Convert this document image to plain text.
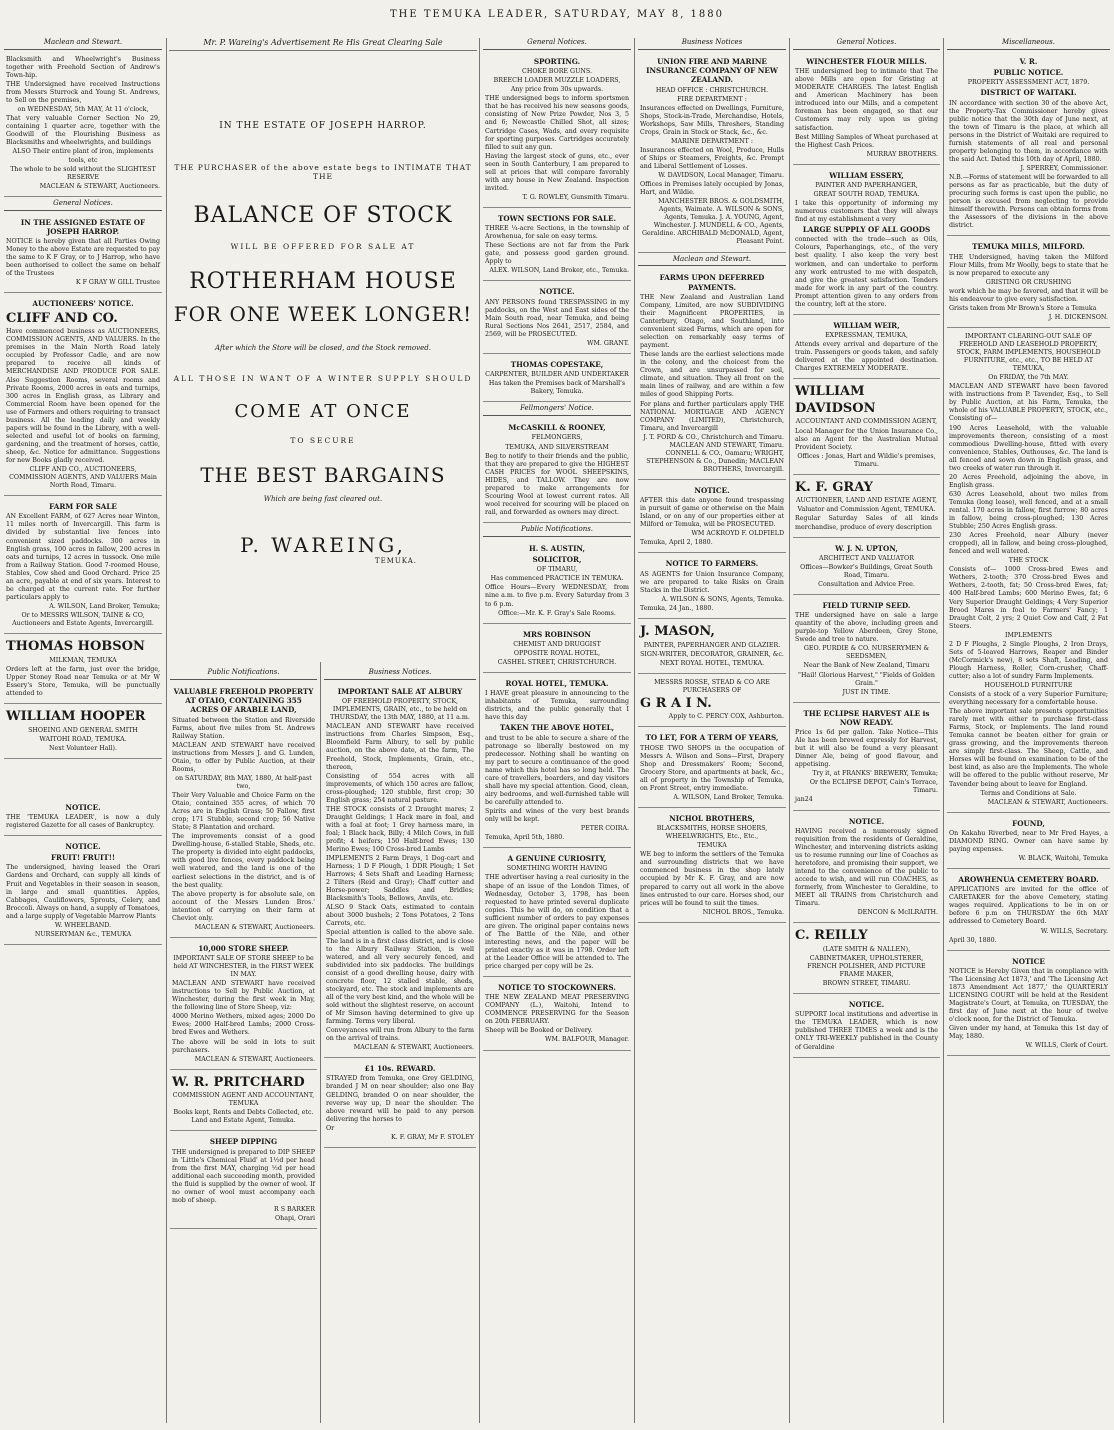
THE TEMUKA LEADER, SATURDAY, MAY 8, 1880
Maclean and Stewart.

Blacksmith and Wheelwright's Business together with Freehold Section of Andrew's Town-hip.

THE Undersigned have received Instructions from Messrs Sturrock and Young St. Andrews, to Sell on the premises,

on WEDNESDAY, 5th MAY, At 11 o'clock,

That very valuable Corner Section No 29, containing 1 quarter acre, together with the Goodwill of the Flourishing Business as Blacksmiths and wheelwrights, and buildings

ALSO Their entire plant of iron, implements tools, etc

The whole to be sold without the SLIGHTEST RESERVE

MACLEAN & STEWART, Auctioneers.

General Notices.

IN THE ASSIGNED ESTATE OF JOSEPH HARROP.

NOTICE is hereby given that all Parties Owing Money to the above Estate are requested to pay the same to K F Gray, or to J Harrop, who have been authorised to collect the same on behalf of the Trustees

K F GRAY W GILL Trustee

AUCTIONEERS' NOTICE.

CLIFF AND CO.

Have commenced business as AUCTIONEERS, COMMISSION AGENTS, AND VALUERS. In the premises in the Main North Road lately occupied by Professor Cadle, and are now prepared to receive all kinds of MERCHANDISE AND PRODUCE FOR SALE. Also Suggestion Rooms, several rooms and Private Rooms, 2000 acres in oats and turnips, 300 acres in English grass, as Library and Commercial Room have been opened for the use of Farmers and others requiring to transact business. All the leading daily and weekly papers will be found in the Library, with a well-selected and useful lot of books on farming, gardening, and the treatment of horses, cattle, sheep, &c. Notice for admittance. Suggestions for new Books gladly received.

CLIFF AND CO., AUCTIONEERS, COMMISSION AGENTS, AND VALUERS Main North Road, Timaru.

FARM FOR SALE

AN Excellent FARM, of 627 Acres near Winton, 11 miles north of Invercargill. This farm is divided by substantial live fences into convenient sized paddocks. 300 acres in English grass, 100 acres in fallow, 200 acres in oats and turnips, 12 acres in tussock. One mile from a Railway Station. Good 7-roomed House, Stables, Cow shed and Good Orchard. Price 25 an acre, payable at end of six years. Interest to be charged at the current rate. For further particulars apply to

A. WILSON, Land Broker, Temuka;

Or to MESSRS WILSON, TAINE & CO, Auctioneers and Estate Agents, Invercargill.

THOMAS HOBSON

MILKMAN, TEMUKA

Orders left at the farm, just over the bridge, Upper Stoney Road near Temuka or at Mr W Essery's Store, Temuka, will be punctually attended to

WILLIAM HOOPER

SHOEING AND GENERAL SMITH

WAITOHI ROAD, TEMUKA.

Next Volunteer Hall).

NOTICE.

THE 'TEMUKA LEADER', is now a duly registered Gazette for all cases of Bankruptcy.

NOTICE.

FRUIT! FRUIT!!

The undersigned, having leased the Orari Gardens and Orchard, can supply all kinds of Fruit and Vegetables in their season in season, in large and small quantities. Apples, Cabbages, Cauliflowers, Sprouts, Celery, and Broccoli. Always on hand, a supply of Tomatoes, and a large supply of Vegetable Marrow Plants

W. WHEELBAND.

NURSERYMAN &c., TEMUKA

Mr. P. Wareing's Advertisement Re His Great Clearing Sale
IN THE ESTATE OF JOSEPH HARROP.
THE PURCHASER of the above estate begs to INTIMATE THAT THE
BALANCE OF STOCK
WILL BE OFFERED FOR SALE AT
ROTHERHAM HOUSE
FOR ONE WEEK LONGER!
After which the Store will be closed, and the Stock removed.
ALL THOSE IN WANT OF A WINTER SUPPLY SHOULD
COME AT ONCE
TO SECURE
THE BEST BARGAINS
Which are being fast cleared out.
P. WAREING,
TEMUKA.
Public Notifications.

VALUABLE FREEHOLD PROPERTY AT OTAIO, CONTAINING 355 ACRES OF ARABLE LAND,

Situated between the Station and Riverside Farms, about five miles from St. Andrews Railway Station.

MACLEAN AND STEWART have received instructions from Messrs J. and G. Lunden, Otaio, to offer by Public Auction, at their Rooms,

on SATURDAY, 8th MAY, 1880, At half-past two,

Their Very Valuable and Choice Farm on the Otaio, contained 355 acres, of which 70 Acres are in English Grass; 50 Fallow, first crop; 171 Stubble, second crop; 56 Native State; 8 Plantation and orchard.

The improvements consist of a good Dwelling-house, 6-stalled Stable, Sheds, etc. The property is divided into eight paddocks, with good live fences, every paddock being well watered, and the land is one of the earliest selections in the district, and is of the best quality.

The above property is for absolute sale, on account of the Messrs Lunden Bros.' intention of carrying on their farm at Cheviot only.

MACLEAN & STEWART, Auctioneers.

10,000 STORE SHEEP.

IMPORTANT SALE OF STORE SHEEP to be held AT WINCHESTER, in the FIRST WEEK IN MAY.

MACLEAN AND STEWART have received instructions to Sell by Public Auction, at Winchester, during the first week in May, the following line of Store Sheep, viz:

4000 Merino Wethers, mixed ages; 2000 Do Ewes; 2000 Half-bred Lambs; 2000 Cross-bred Ewes and Wethers.

The above will be sold in lots to suit purchasers.

MACLEAN & STEWART, Auctioneers.

W. R. PRITCHARD

COMMISSION AGENT AND ACCOUNTANT, TEMUKA

Books kept, Rents and Debts Collected, etc. Land and Estate Agent, Temuka.

SHEEP DIPPING

THE undersigned is prepared to DIP SHEEP in 'Little's Chemical Fluid' at 1½d per head from the first MAY, charging ½d per head additional each succeeding month, provided the fluid is supplied by the owner of wool. If no owner of wool must accompany each mob of sheep.

R S BARKER

Ohapi, Orari

Business Notices.

IMPORTANT SALE AT ALBURY

OF FREEHOLD PROPERTY, STOCK, IMPLEMENTS, GRAIN, etc., to be held on THURSDAY, the 13th MAY, 1880, at 11 a.m.

MACLEAN AND STEWART have received instructions from Charles Simpson, Esq., Bloomfield Farm Albury, to sell by public auction, on the above date, at the farm, The Freehold, Stock, Implements, Grain, etc., thereon,

Consisting of 554 acres with all improvements, of which 150 acres are fallow, cross-ploughed; 120 stubble, first crop; 30 English grass; 254 natural pasture.

THE STOCK consists of 2 Draught mares; 2 Draught Geldings; 1 Hack mare in foal, and with a foal at foot; 1 Grey harness mare, in foal; 1 Black hack, Billy; 4 Milch Cows, in full profit; 4 heifers; 150 Half-bred Ewes; 130 Merino Ewes; 100 Cross-bred Lambs

IMPLEMENTS 2 Farm Drays, 1 Dog-cart and Harness; 1 D F Plough, 1 DDR Plough; 1 Set Harrows; 4 Sets Shaft and Leading Harness; 2 Tilters (Reid and Gray); Chaff cutter and Horse-power; Saddles and Bridles; Blacksmith's Tools, Bellows, Anvils, etc.

ALSO 9 Stack Oats, estimated to contain about 3000 bushels; 2 Tons Potatoes, 2 Tons Carrots, etc.

Special attention is called to the above sale. The land is in a first class district, and is close to the Albury Railway Station, is well watered, and all very securely fenced, and subdivided into six paddocks. The buildings consist of a good dwelling house, dairy with concrete floor, 12 stalled stable, sheds, stockyard, etc. The stock and implements are all of the very best kind, and the whole will be sold without the slightest reserve, on account of Mr Simson having determined to give up farming. Terms very liberal.

Conveyances will run from Albury to the farm on the arrival of trains.

MACLEAN & STEWART, Auctioneers.

£1 10s. REWARD.

STRAYED from Temuka, one Grey GELDING, branded J M on near shoulder; also one Bay GELDING, branded O on near shoulder, the reverse way up, D near the shoulder. The above reward will be paid to any person delivering the horses to

Or

K. F. GRAY, Mr F. STOLEY

General Notices.

SPORTING.

CHOKE BORE GUNS.

BREECH LOADER MUZZLE LOADERS,

Any price from 30s upwards.

THE undersigned begs to inform sportsmen that he has received his new seasons goods, consisting of New Prize Powder, Nos 3, 5 and 6; Newcastle Chilled Shot, all sizes; Cartridge Cases, Wads, and every requisite for sporting purposes. Cartridges accurately filled to suit any gun.

Having the largest stock of guns, etc., ever seen in South Canterbury, I am prepared to sell at prices that will compare favorably with any house in New Zealand. Inspection invited.

T. G. ROWLEY, Gunsmith Timaru.

TOWN SECTIONS FOR SALE.

THREE ¼-acre Sections, in the township of Arowhenua, for sale on easy terms.

These Sections are not far from the Park gate, and possess good garden ground. Apply to

ALEX. WILSON, Land Broker, etc., Temuka.

NOTICE.

ANY PERSONS found TRESPASSING in my paddocks, on the West and East sides of the Main South road, near Temuka, and being Rural Sections Nos 2641, 2517, 2584, and 2569, will be PROSECUTED.

WM. GRANT.

THOMAS COPESTAKE,

CARPENTER, BUILDER AND UNDERTAKER

Has taken the Premises back of Marshall's Bakery, Temuka.

Fellmongers' Notice.

McCASKILL & ROONEY,

FELMONGERS,

TEMUKA, AND SILVERSTREAM

Beg to notify to their friends and the public, that they are prepared to give the HIGHEST CASH PRICES for WOOL SHEEPSKINS, HIDES, and TALLOW. They are now prepared to make arrangements for Scouring Wool at lowest current rates. All wool received for scouring will be placed on rail, and forwarded as owners may direct.

Public Notifications.

H. S. AUSTIN,

SOLICITOR,

OF TIMARU,

Has commenced PRACTICE IN TEMUKA.

Office Hours—Every WEDNESDAY, from nine a.m. to five p.m. Every Saturday from 3 to 6 p.m.

Office:—Mr. K. F. Gray's Sale Rooms.

MRS ROBINSON

CHEMIST AND DRUGGIST

OPPOSITE ROYAL HOTEL,

CASHEL STREET, CHRISTCHURCH.

ROYAL HOTEL, TEMUKA.

I HAVE great pleasure in announcing to the inhabitants of Temuka, surrounding districts, and the public generally that I have this day

TAKEN THE ABOVE HOTEL,

and trust to be able to secure a share of the patronage so liberally bestowed on my predecessor. Nothing shall be wanting on my part to secure a continuance of the good name which this hotel has so long held. The care of travellers, boarders, and day visitors shall have my special attention. Good, clean, airy bedrooms, and well-furnished table will be carefully attended to.

Spirits and wines of the very best brands only will be kept.

PETER COIRA.

Temuka, April 5th, 1880.

A GENUINE CURIOSITY,

SOMETHING WORTH HAVING

THE advertiser having a real curiosity in the shape of an issue of the London Times, of Wednesday, October 3, 1798, has been requested to have printed several duplicate copies. This he will do, on condition that a sufficient number of orders to pay expenses are given. The original paper contains news of The Battle of the Nile, and other interesting news, and the paper will be printed exactly as it was in 1798. Order left at the Leader Office will be attended to. The price charged per copy will be 2s.

NOTICE TO STOCKOWNERS.

THE NEW ZEALAND MEAT PRESERVING COMPANY (L.), Waitohi, Intend to COMMENCE PRESERVING for the Season on 20th FEBRUARY.

Sheep will be Booked or Delivery.

WM. BALFOUR, Manager.

Business Notices

UNION FIRE AND MARINE INSURANCE COMPANY OF NEW ZEALAND.

HEAD OFFICE : CHRISTCHURCH.

FIRE DEPARTMENT :

Insurances effected on Dwellings, Furniture, Shops, Stock-in-Trade, Merchandise, Hotels, Workshops, Saw Mills, Threshers, Standing Crops, Grain in Stock or Stack, &c., &c.

MARINE DEPARTMENT :

Insurances effected on Wool, Produce, Hulls of Ships or Steamers, Freights, &c. Prompt and Liberal Settlement of Losses.

W. DAVIDSON, Local Manager, Timaru.

Offices in Premises lately occupied by Jonas, Hart, and Wildie.

MANCHESTER BROS. & GOLDSMITH, Agents, Waimate. A. WILSON & SONS, Agents, Temuka. J. A. YOUNG, Agent, Winchester. J. MUNDELL & CO., Agents, Geraldine. ARCHIBALD McDONALD, Agent, Pleasant Point.

Maclean and Stewart.

FARMS UPON DEFERRED PAYMENTS.

THE New Zealand and Australian Land Company, Limited, are now SUBDIVIDING their Magnificent PROPERTIES, in Canterbury, Otago, and Southland, into convenient sized Farms, which are open for selection on remarkably easy terms of payment.

These lands are the earliest selections made in the colony, and the choicest from the Crown, and are unsurpassed for soil, climate, and situation. They all front on the main lines of railway, and are within a few miles of good Shipping Ports.

For plans and further particulars apply THE NATIONAL MORTGAGE AND AGENCY COMPANY (LIMITED), Christchurch, Timaru, and Invercargill

J. T. FORD & CO., Christchurch and Timaru. MACLEAN AND STEWART, Timaru. CONNELL & CO., Oamaru; WRIGHT, STEPHENSON & Co., Dunedin; MACLEAN BROTHERS, Invercargill.

NOTICE.

AFTER this date anyone found trespassing in pursuit of game or otherwise on the Main Island, or on any of our properties either at Milford or Temuka, will be PROSECUTED.

WM ACKROYD F. OLDFIELD

Temuka, April 2, 1880.

NOTICE TO FARMERS.

AS AGENTS for Union Insurance Company, we are prepared to take Risks on Grain Stacks in the District.

A. WILSON & SONS, Agents, Temuka.

Temuka, 24 Jan., 1880.

J. MASON,

PAINTER, PAPERHANGER AND GLAZIER.

SIGN-WRITER, DECORATOR, GRAINER, &c.

NEXT ROYAL HOTEL, TEMUKA.

MESSRS ROSSE, STEAD & CO ARE PURCHASERS OF

G R A I N.

Apply to C. PERCY COX, Ashburton.

TO LET, FOR A TERM OF YEARS,

THOSE TWO SHOPS in the occupation of Messrs A. Wilson and Sons—First, Drapery Shop and Dressmakers' Room; Second, Grocery Store, and apartments at back, &c., all of property in the Township of Temuka, on Front Street, entry immediate.

A. WILSON, Land Broker, Temuka.

NICHOL BROTHERS,

BLACKSMITHS, HORSE SHOERS, WHEELWRIGHTS, Etc., Etc.,

TEMUKA

WE beg to inform the settlers of the Temuka and surrounding districts that we have commenced business in the shop lately occupied by Mr K. F. Gray, and are now prepared to carry out all work in the above lines entrusted to our care. Horses shod, our prices will be found to suit the times.

NICHOL BROS., Temuka.

General Notices.

WINCHESTER FLOUR MILLS.

THE undersigned beg to intimate that The above Mills are open for Gristing at MODERATE CHARGES. The latest English and American Machinery has been introduced into our Mills, and a competent foreman has been engaged, so that our Customers may rely upon us giving satisfaction.

Best Milling Samples of Wheat purchased at the Highest Cash Prices.

MURRAY BROTHERS.

WILLIAM ESSERY,

PAINTER AND PAPERHANGER,

GREAT SOUTH ROAD, TEMUKA.

I take this opportunity of informing my numerous customers that they will always find at my establishment a very

LARGE SUPPLY OF ALL GOODS

connected with the trade—such as Oils, Colours, Paperhangings, etc., of the very best quality. I also keep the very best workmen, and can undertake to perform any work entrusted to me with despatch, and give the greatest satisfaction. Tenders made for work in any part of the country. Prompt attention given to any orders from the country, left at the store.

WILLIAM WEIR,

EXPRESSMAN, TEMUKA,

Attends every arrival and departure of the train. Passengers or goods taken, and safely delivered at the appointed destination. Charges EXTREMELY MODERATE.

WILLIAM DAVIDSON

ACCOUNTANT AND COMMISSION AGENT,

Local Manager for the Union Insurance Co., also an Agent for the Australian Mutual Provident Society.

Offices : Jonas, Hart and Wildie's premises, Timaru.

K. F. GRAY

AUCTIONEER, LAND AND ESTATE AGENT,

Valuator and Commission Agent, TEMUKA.

Regular Saturday Sales of all kinds merchandise, produce of every description

W. J. N. UPTON,

ARCHITECT AND VALUATOR

Offices—Bowker's Buildings, Great South Road, Timaru.

Consultation and Advice Free.

FIELD TURNIP SEED.

THE undersigned have on sale a large quantity of the above, including green and purple-top Yellow Aberdeen, Grey Stone, Swede and tree to nature.

GEO. PURDIE & CO. NURSERYMEN & SEEDSMEN,

Near the Bank of New Zealand, Timaru

"Hail! Glorious Harvest," "Fields of Golden Grain."

JUST IN TIME.

THE ECLIPSE HARVEST ALE is NOW READY.

Price 1s 6d per gallon. Take Notice—This Ale has been brewed expressly for Harvest, but it will also be found a very pleasant Dinner Ale, being of good flavour, and appetising.

Try it, at FRANKS' BREWERY, Temuka;

Or the ECLIPSE DEPOT, Cain's Terrace, Timaru.

jan24

NOTICE.

HAVING received a numerously signed requisition from the residents of Geraldine, Winchester, and intervening districts asking us to resume running our line of Coaches as heretofore, and promising their support, we intend to the convenience of the public to accede to wish, and will run COACHES, as formerly, from Winchester to Geraldine, to MEET all TRAINS from Christchurch and Timaru.

DENCON & McILRAITH.

C. REILLY

(LATE SMITH & NALLEN),

CABINETMAKER, UPHOLSTERER, FRENCH POLISHER, AND PICTURE FRAME MAKER,

BROWN STREET, TIMARU.

NOTICE.

SUPPORT local institutions and advertise in the TEMUKA LEADER, which is now published THREE TIMES a week and is the ONLY TRI-WEEKLY published in the County of Geraldine

Miscellaneous.

V. R.

PUBLIC NOTICE.

PROPERTY ASSESSMENT ACT, 1879.

DISTRICT OF WAITAKI.

IN accordance with section 30 of the above Act, the Property-Tax Commissioner hereby gives public notice that the 30th day of June next, at the town of Timaru is the place, at which all persons in the District of Waitaki are required to furnish statements of all real and personal property belonging to them, in accordance with the said Act. Dated this 10th day of April, 1880.

J. SPERREY, Commissioner.

N.B.—Forms of statement will be forwarded to all persons as far as practicable, but the duty of procuring such forms is cast upon the public, no person is excused from neglecting to provide himself therewith. Persons can obtain forms from the Assessors of the divisions in the above district.

TEMUKA MILLS, MILFORD.

THE Undersigned, having taken the Milford Flour Mills, from Mr Woolly, begs to state that he is now prepared to execute any

GRISTING OR CRUSHING

work which he may be favored, and that it will be his endeavour to give every satisfaction.

Grists taken from Mr Brown's Store a Temuka

J. H. DICKENSON.

IMPORTANT CLEARING-OUT SALE OF FREEHOLD AND LEASEHOLD PROPERTY, STOCK, FARM IMPLEMENTS, HOUSEHOLD FURNITURE, etc., etc., TO BE HELD AT TEMUKA,

On FRIDAY, the 7th MAY.

MACLEAN AND STEWART have been favored with instructions from P. Tavender, Esq., to Sell by Public Auction, at his Farm, Temuka, the whole of his VALUABLE PROPERTY, STOCK, etc., Consisting of—

190 Acres Leasehold, with the valuable improvements thereon, consisting of a most commodious Dwelling-house, fitted with every convenience, Stables, Outhouses, &c. The land is all fenced and sown down in English grass, and two creeks of water run through it.

20 Acres Freehold, adjoining the above, in English grass.

630 Acres Leasehold, about two miles from Temuka (long lease), well fenced, and at a small rental. 170 acres in fallow, first furrow; 80 acres in fallow, being cross-ploughed; 130 Acres Stubble; 250 Acres English grass.

230 Acres Freehold, near Albury (never cropped), all in fallow, and being cross-ploughed, fenced and well watered.

THE STOCK

Consists of— 1000 Cross-bred Ewes and Wethers, 2-tooth; 370 Cross-bred Ewes and Wethers, 2-tooth, fat; 50 Cross-bred Ewes, fat; 400 Half-bred Lambs; 600 Merino Ewes, fat; 6 Very Superior Draught Geldings; 4 Very Superior Brood Mares in foal to Farmers' Fancy; 1 Draught Colt, 2 yrs; 2 Quiet Cow and Calf, 2 Fat Steers.

IMPLEMENTS

2 D F Ploughs, 2 Single Ploughs, 2 Iron Drays, Sets of 5-leaved Harrows, Reaper and Binder (McCormick's new), 8 sets Shaft, Leading, and Plough Harness, Roller, Corn-crusher, Chaff-cutter; also a lot of sundry Farm Implements.

HOUSEHOLD FURNITURE

Consists of a stock of a very Superior Furniture; everything necessary for a comfortable house.

The above important sale presents opportunities rarely met with either to purchase first-class Farms, Stock, or Implements. The land round Temuka cannot be beaten either for grain or grass growing, and the improvements thereon are simply first-class. The Sheep, Cattle, and Horses will be found on examination to be of the best kind, as also are the Implements. The whole will be offered to the public without reserve, Mr Tavender being about to leave for England.

Terms and Conditions at Sale.

MACLEAN & STEWART, Auctioneers.

FOUND,

On Kakahu Riverbed, near to Mr Fred Hayes, a DIAMOND RING. Owner can have same by paying expenses.

W. BLACK, Waitohi, Temuka

AROWHENUA CEMETERY BOARD.

APPLICATIONS are invited for the office of CARETAKER for the above Cemetery, stating wages required. Applications to be in on or before 6 p.m on THURSDAY the 6th MAY addressed to Cemetery Board.

W. WILLS, Secretary.

April 30, 1880.

NOTICE

NOTICE is Hereby Given that in compliance with 'The Licensing Act 1873,' and 'The Licensing Act 1873 Amendment Act 1877,' the QUARTERLY LICENSING COURT will be held at the Resident Magistrate's Court, at Temuka, on TUESDAY, the first day of June next at the hour of twelve o'clock noon, for the District of Temuka.

Given under my hand, at Temuka this 1st day of May, 1880.

W. WILLS, Clerk of Court.
